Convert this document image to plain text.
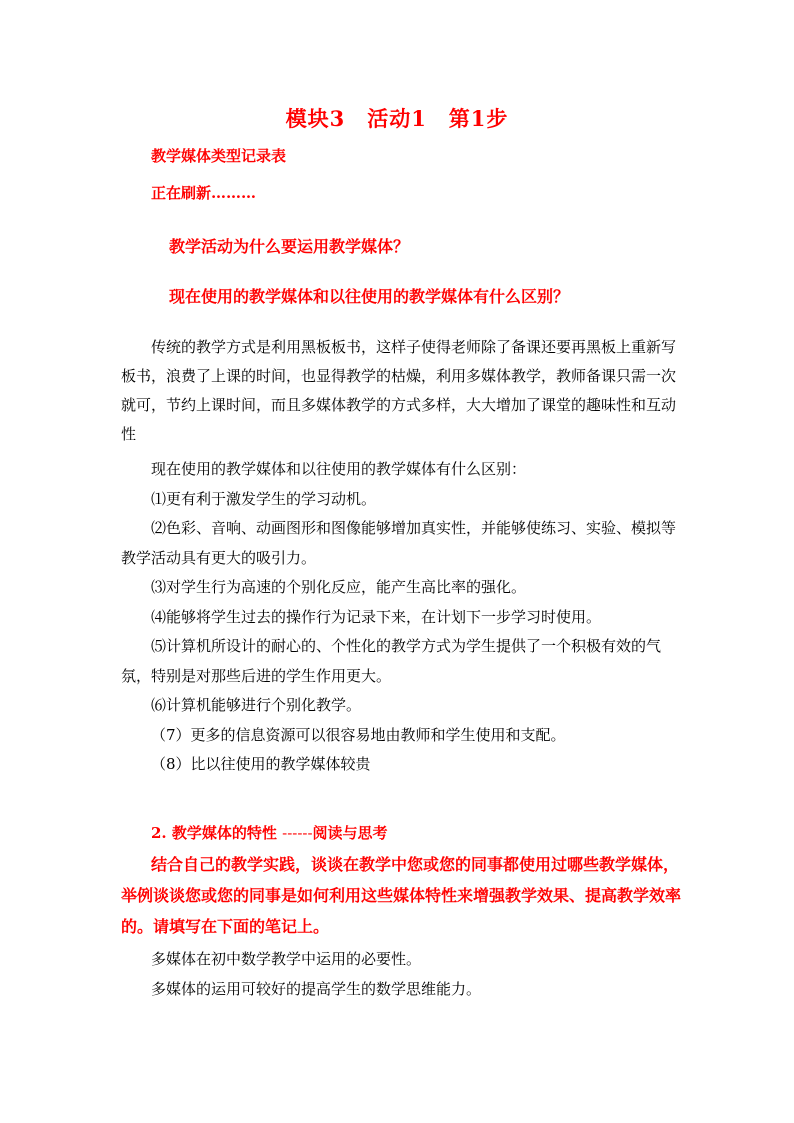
模块3　活动1　第1步
教学媒体类型记录表
正在刷新………
教学活动为什么要运用教学媒体？
现在使用的教学媒体和以往使用的教学媒体有什么区别？
传统的教学方式是利用黑板板书，这样子使得老师除了备课还要再黑板上重新写板书，浪费了上课的时间，也显得教学的枯燥，利用多媒体教学，教师备课只需一次就可，节约上课时间，而且多媒体教学的方式多样，大大增加了课堂的趣味性和互动性
现在使用的教学媒体和以往使用的教学媒体有什么区别：
⑴更有利于激发学生的学习动机。
⑵色彩、音响、动画图形和图像能够增加真实性，并能够使练习、实验、模拟等教学活动具有更大的吸引力。
⑶对学生行为高速的个别化反应，能产生高比率的强化。
⑷能够将学生过去的操作行为记录下来，在计划下一步学习时使用。
⑸计算机所设计的耐心的、个性化的教学方式为学生提供了一个积极有效的气氛，特别是对那些后进的学生作用更大。
⑹计算机能够进行个别化教学。
（7）更多的信息资源可以很容易地由教师和学生使用和支配。
（8）比以往使用的教学媒体较贵
2. 教学媒体的特性 ------阅读与思考
结合自己的教学实践，谈谈在教学中您或您的同事都使用过哪些教学媒体，举例谈谈您或您的同事是如何利用这些媒体特性来增强教学效果、提高教学效率的。请填写在下面的笔记上。
多媒体在初中数学教学中运用的必要性。
多媒体的运用可较好的提高学生的数学思维能力。
